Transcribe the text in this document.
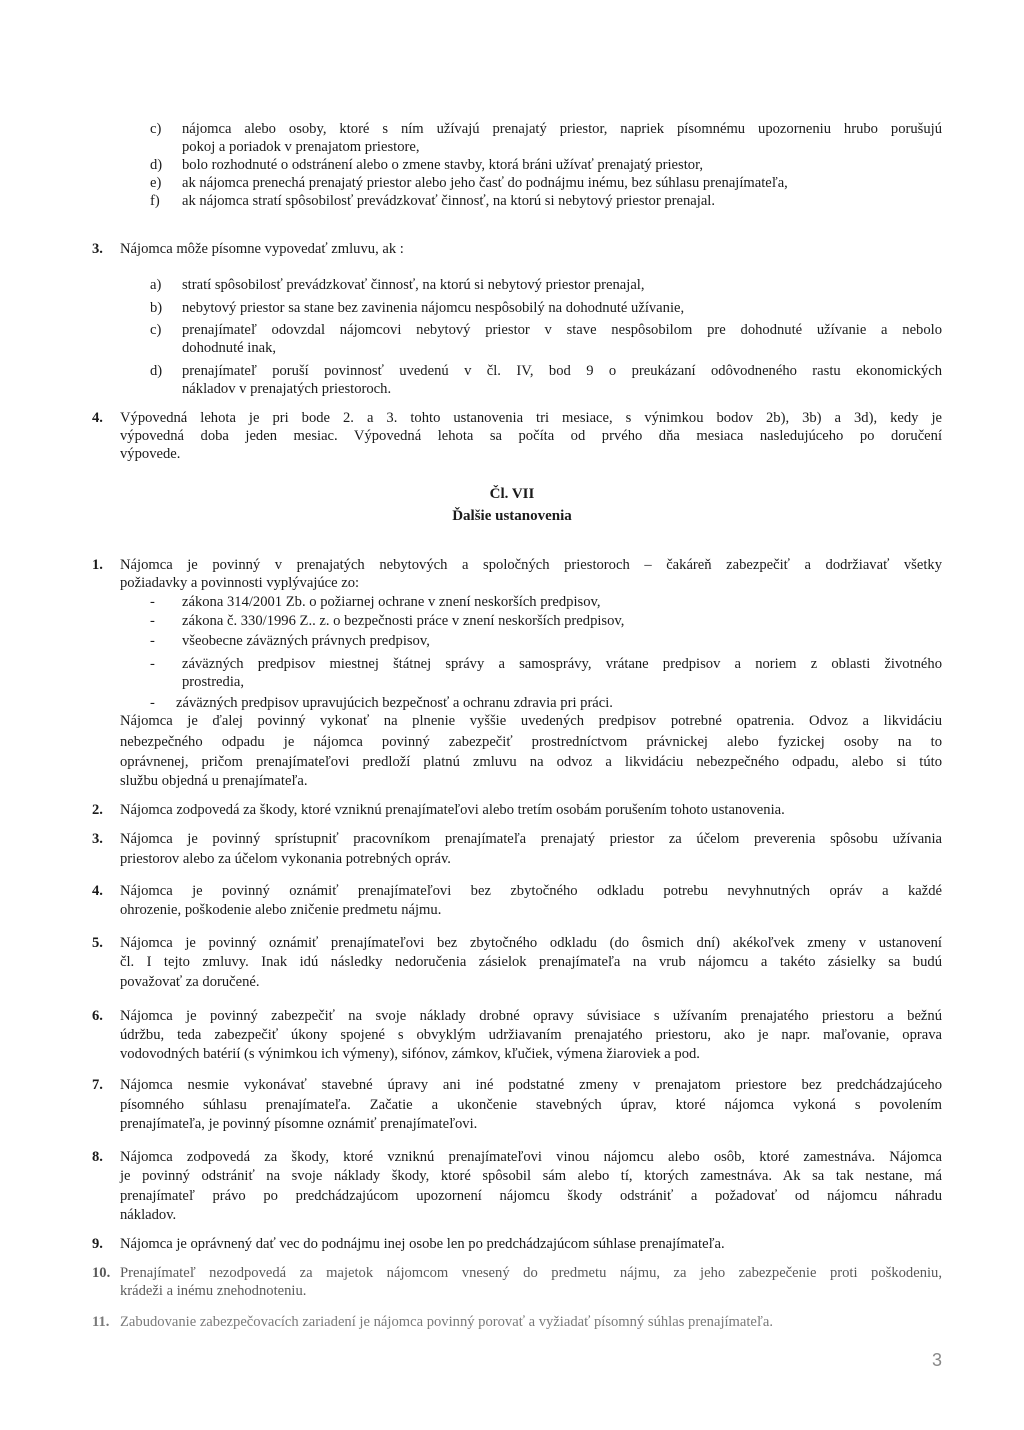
c) nájomca alebo osoby, ktoré s ním užívajú prenajatý priestor, napriek písomnému upozorneniu hrubo porušujú
pokoj a poriadok v prenajatom priestore,
d) bolo rozhodnuté o odstránení alebo o zmene stavby, ktorá bráni užívať prenajatý priestor,
e) ak nájomca prenechá prenajatý priestor alebo jeho časť do podnájmu inému, bez súhlasu prenajímateľa,
f) ak nájomca stratí spôsobilosť prevádzkovať činnosť, na ktorú si nebytový priestor prenajal.
3. Nájomca môže písomne vypovedať zmluvu, ak :
a) stratí spôsobilosť prevádzkovať činnosť, na ktorú si nebytový priestor prenajal,
b) nebytový priestor sa stane bez zavinenia nájomcu nespôsobilý na dohodnuté užívanie,
c) prenajímateľ odovzdal nájomcovi nebytový priestor v stave nespôsobilom pre dohodnuté užívanie a nebolo
dohodnuté inak,
d) prenajímateľ poruší povinnosť uvedenú v čl. IV, bod 9 o preukázaní odôvodneného rastu ekonomických
nákladov v prenajatých priestoroch.
4. Výpovedná lehota je pri bode 2. a 3. tohto ustanovenia tri mesiace, s výnimkou bodov 2b), 3b) a 3d), kedy je
výpovedná doba jeden mesiac. Výpovedná lehota sa počíta od prvého dňa mesiaca nasledujúceho po doručení
výpovede.
Čl. VII
Ďalšie ustanovenia
1. Nájomca je povinný v prenajatých nebytových a spoločných priestoroch – čakáreň zabezpečiť a dodržiavať všetky
požiadavky a povinnosti vyplývajúce zo:
- zákona 314/2001 Zb. o požiarnej ochrane v znení neskorších predpisov,
- zákona č. 330/1996 Z.. z. o bezpečnosti práce v znení neskorších predpisov,
- všeobecne záväzných právnych predpisov,
- záväzných predpisov miestnej štátnej správy a samosprávy, vrátane predpisov a noriem z oblasti životného
prostredia,
- záväzných predpisov upravujúcich bezpečnosť a ochranu zdravia pri práci.
Nájomca je ďalej povinný vykonať na plnenie vyššie uvedených predpisov potrebné opatrenia. Odvoz a likvidáciu
nebezpečného odpadu je nájomca povinný zabezpečiť prostredníctvom právnickej alebo fyzickej osoby na to
oprávnenej, pričom prenajímateľovi predloží platnú zmluvu na odvoz a likvidáciu nebezpečného odpadu, alebo si túto
službu objedná u prenajímateľa.
2. Nájomca zodpovedá za škody, ktoré vzniknú prenajímateľovi alebo tretím osobám porušením tohoto ustanovenia.
3. Nájomca je povinný sprístupniť pracovníkom prenajímateľa prenajatý priestor za účelom preverenia spôsobu užívania
priestorov alebo za účelom vykonania potrebných opráv.
4. Nájomca je povinný oznámiť prenajímateľovi bez zbytočného odkladu potrebu nevyhnutných opráv a každé
ohrozenie, poškodenie alebo zničenie predmetu nájmu.
5. Nájomca je povinný oznámiť prenajímateľovi bez zbytočného odkladu (do ôsmich dní) akékoľvek zmeny v ustanovení
čl. I tejto zmluvy. Inak idú následky nedoručenia zásielok prenajímateľa na vrub nájomcu a takéto zásielky sa budú
považovať za doručené.
6. Nájomca je povinný zabezpečiť na svoje náklady drobné opravy súvisiace s užívaním prenajatého priestoru a bežnú
údržbu, teda zabezpečiť úkony spojené s obvyklým udržiavaním prenajatého priestoru, ako je napr. maľovanie, oprava
vodovodných batérií (s výnimkou ich výmeny), sifónov, zámkov, kľučiek, výmena žiaroviek a pod.
7. Nájomca nesmie vykonávať stavebné úpravy ani iné podstatné zmeny v prenajatom priestore bez predchádzajúceho
písomného súhlasu prenajímateľa. Začatie a ukončenie stavebných úprav, ktoré nájomca vykoná s povolením
prenajímateľa, je povinný písomne oznámiť prenajímateľovi.
8. Nájomca zodpovedá za škody, ktoré vzniknú prenajímateľovi vinou nájomcu alebo osôb, ktoré zamestnáva. Nájomca
je povinný odstrániť na svoje náklady škody, ktoré spôsobil sám alebo tí, ktorých zamestnáva. Ak sa tak nestane, má
prenajímateľ právo po predchádzajúcom upozornení nájomcu škody odstrániť a požadovať od nájomcu náhradu
nákladov.
9. Nájomca je oprávnený dať vec do podnájmu inej osobe len po predchádzajúcom súhlase prenajímateľa.
10. Prenajímateľ nezodpovedá za majetok nájomcom vnesený do predmetu nájmu, za jeho zabezpečenie proti poškodeniu,
krádeži a inému znehodnoteniu.
11. Zabudovanie zabezpečovacích zariadení je nájomca povinný porovať a vyžiadať písomný súhlas prenajímateľa.
3
